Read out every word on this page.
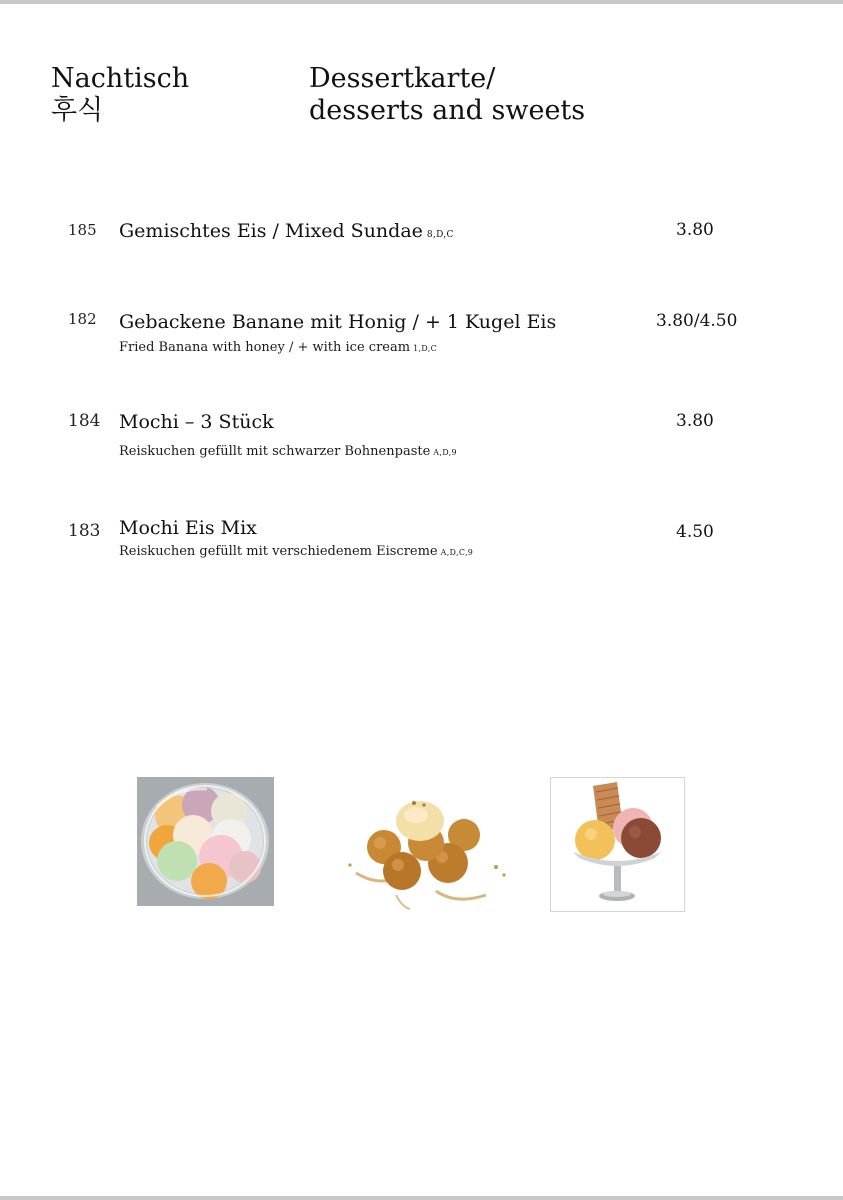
Nachtisch
후식
Dessertkarte/
desserts and sweets
185 Gemischtes Eis / Mixed Sundae 8,D,C	3.80
182 Gebackene Banane mit Honig / + 1 Kugel Eis
Fried Banana with honey / + with ice cream 1,D,C
3.80/4.50
184 Mochi – 3 Stück
Reiskuchen gefüllt mit schwarzer Bohnenpaste A,D,9
3.80
183 Mochi Eis Mix
Reiskuchen gefüllt mit verschiedenem Eiscreme A,D,C,9
4.50
